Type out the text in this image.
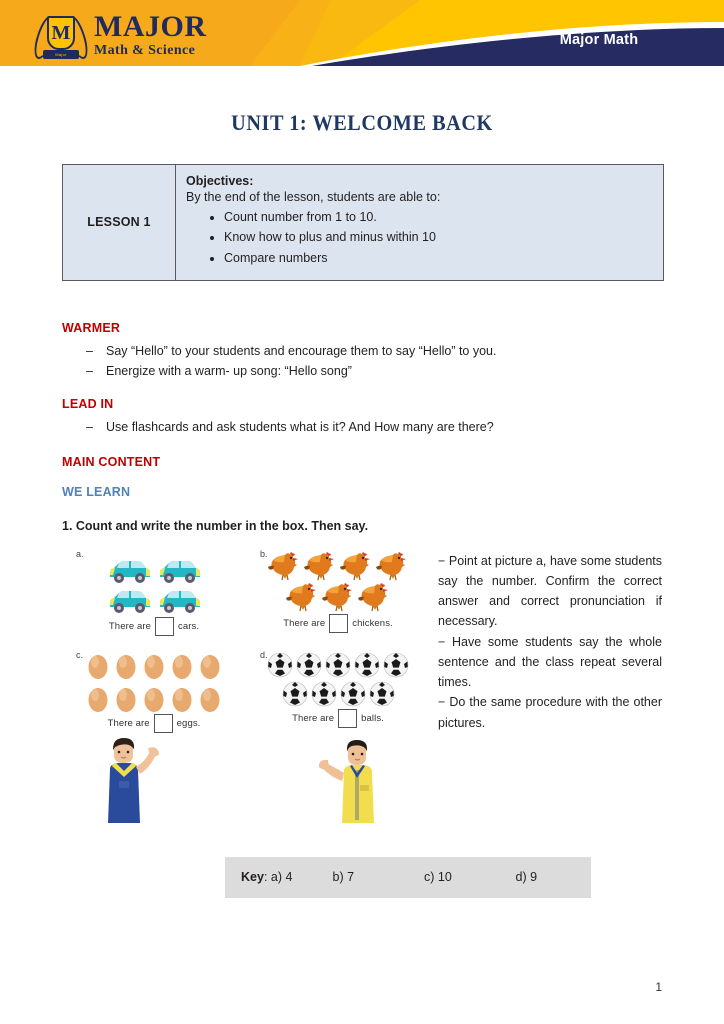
M
Major
MAJOR
Math & Science
Major Math
UNIT 1: WELCOME BACK
LESSON 1	

Objectives:

By the end of the lesson, students are able to:

• Count number from 1 to 10.
• Know how to plus and minus within 10
• Compare numbers
WARMER
– Say “Hello” to your students and encourage them to say “Hello” to you.
– Energize with a warm- up song: “Hello song”
LEAD IN
– Use flashcards and ask students what is it? And How many are there?
MAIN CONTENT
WE LEARN
1. Count and write the number in the box. Then say.
a.
There are	cars.
b.
There are	chickens.
c.
There are	eggs.
d.
There are	balls.

− Point at picture a, have some students say the number. Confirm the correct answer and correct pronunciation if necessary.

− Have some students say the whole sentence and the class repeat several times.

− Do the same procedure with the other pictures.

Key: a) 4	b) 7	c) 10	d) 9
1
